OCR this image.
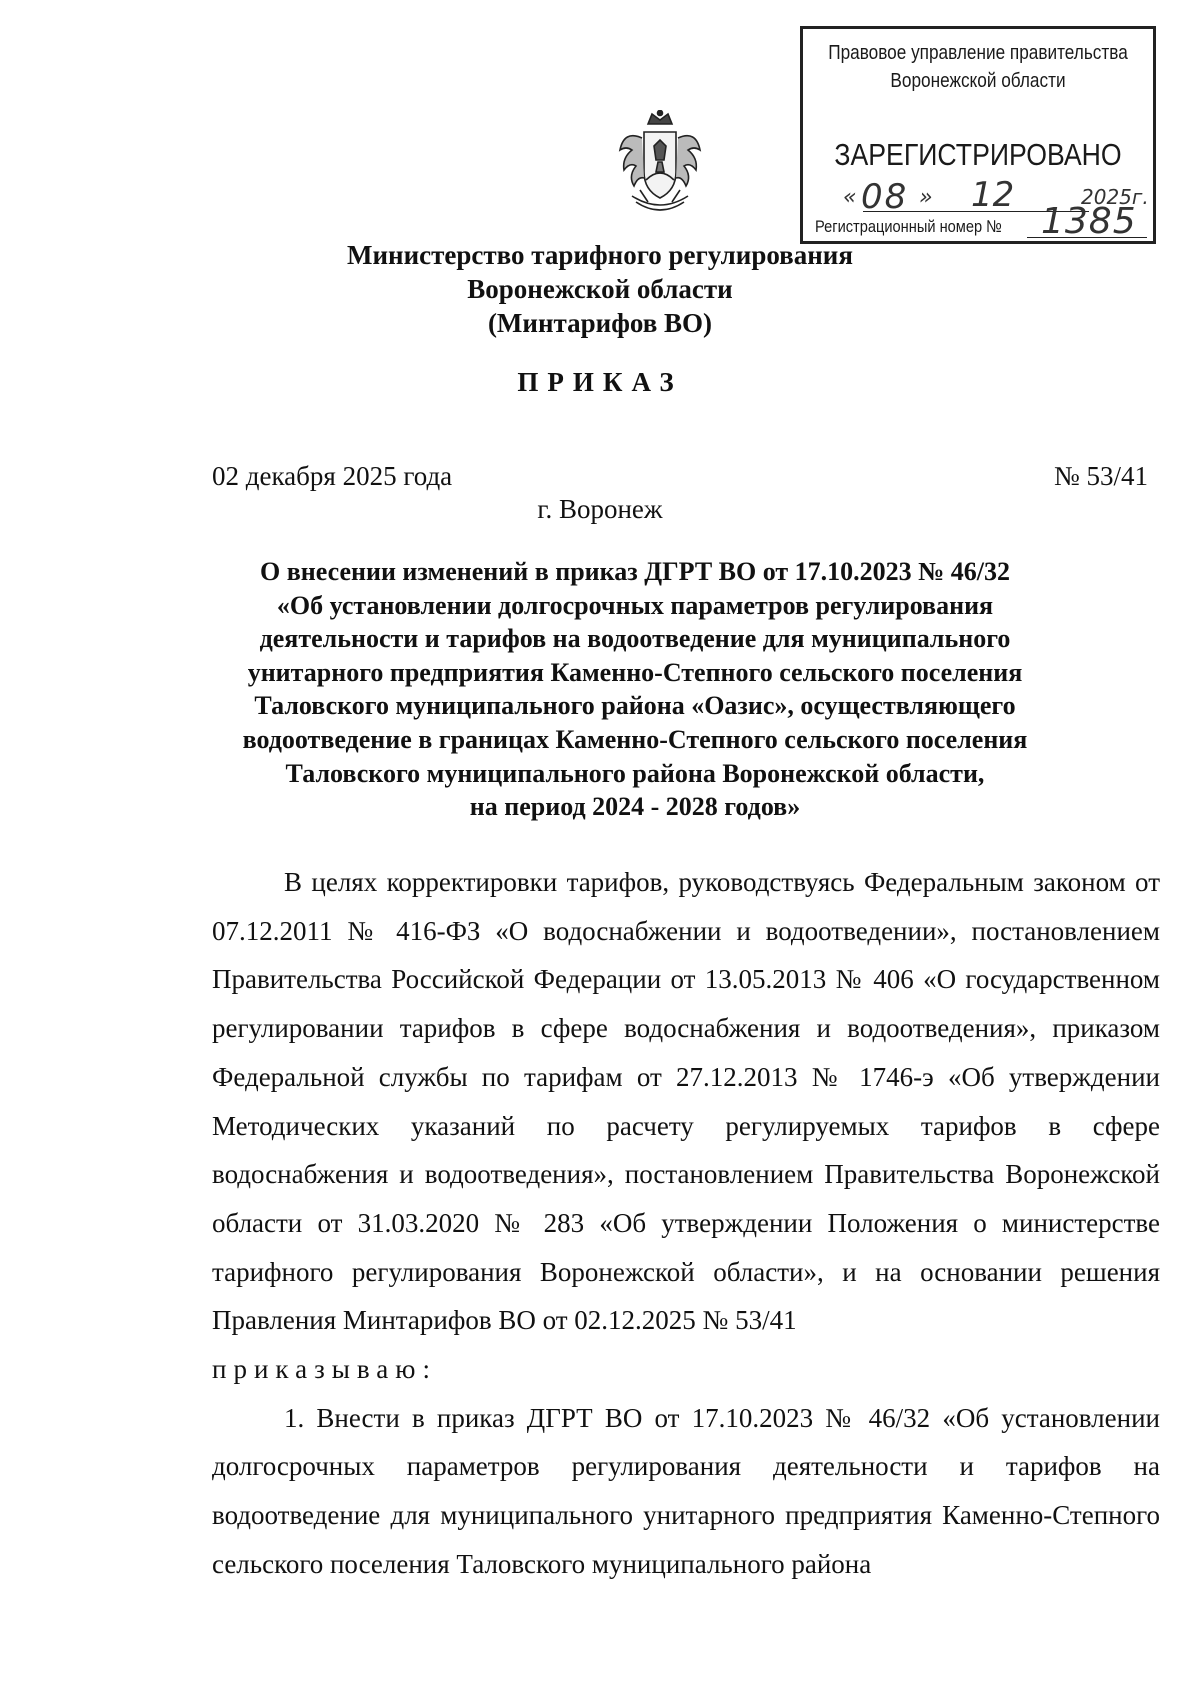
Правовое управление правительства
Воронежской области
ЗАРЕГИСТРИРОВАНО
« 08 » 12	2025г.
Регистрационный номер № 1385
Министерство тарифного регулирования
Воронежской области
(Минтарифов ВО)
ПРИКАЗ
02 декабря 2025 года	№ 53/41
г. Воронеж
О внесении изменений в приказ ДГРТ ВО от 17.10.2023 № 46/32
«Об установлении долгосрочных параметров регулирования
деятельности и тарифов на водоотведение для муниципального
унитарного предприятия Каменно-Степного сельского поселения
Таловского муниципального района «Оазис», осуществляющего
водоотведение в границах Каменно-Степного сельского поселения
Таловского муниципального района Воронежской области,
на период 2024 - 2028 годов»

В целях корректировки тарифов, руководствуясь Федеральным законом от 07.12.2011 № 416-ФЗ «О водоснабжении и водоотведении», постановлением Правительства Российской Федерации от 13.05.2013 № 406 «О государственном регулировании тарифов в сфере водоснабжения и водоотведения», приказом Федеральной службы по тарифам от 27.12.2013 № 1746-э «Об утверждении Методических указаний по расчету регулируемых тарифов в сфере водоснабжения и водоотведения», постановлением Правительства Воронежской области от 31.03.2020 № 283 «Об утверждении Положения о министерстве тарифного регулирования Воронежской области», и на основании решения Правления Минтарифов ВО от 02.12.2025 № 53/41

приказываю:

1. Внести в приказ ДГРТ ВО от 17.10.2023 № 46/32 «Об установлении долгосрочных параметров регулирования деятельности и тарифов на водоотведение для муниципального унитарного предприятия Каменно-Степного сельского поселения Таловского муниципального района
